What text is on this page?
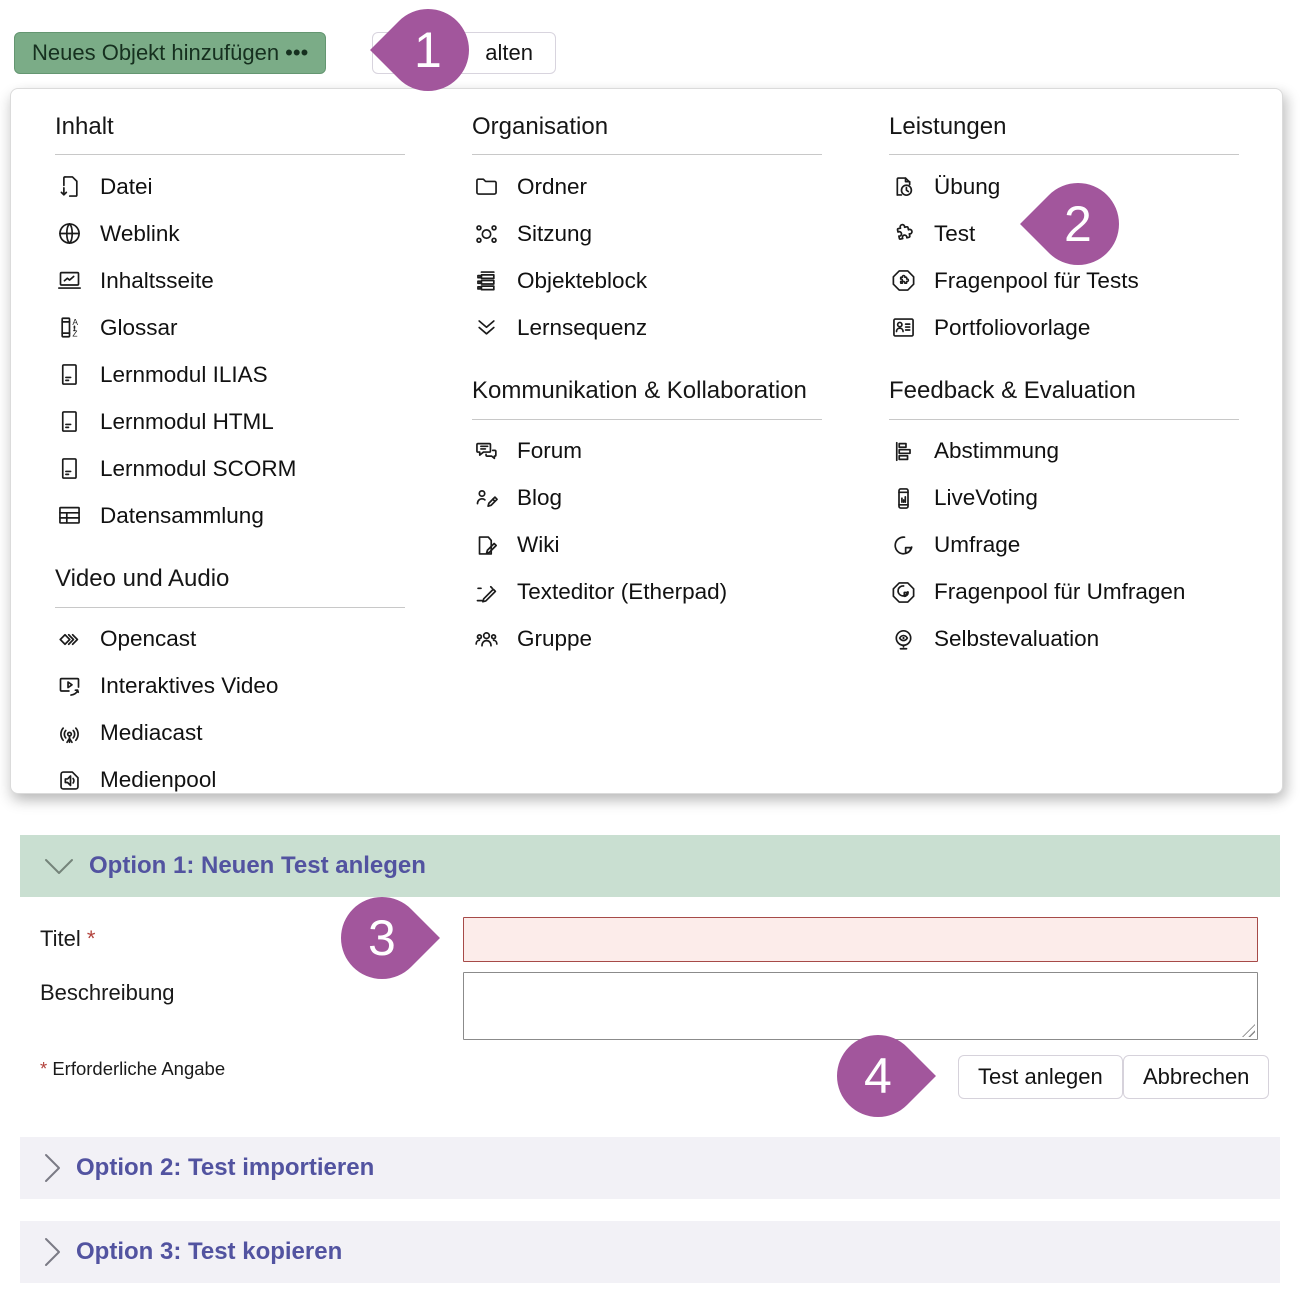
Neues Objekt hinzufügen •••	alten
1
Inhalt
Datei
Weblink
Inhaltsseite
A
Z Glossar
Lernmodul ILIAS
Lernmodul HTML
Lernmodul SCORM
Datensammlung
Video und Audio
Opencast
Interaktives Video
Mediacast
Medienpool
Organisation
Ordner
Sitzung
Objekteblock
Lernsequenz
Kommunikation & Kollaboration
Forum
Blog
Wiki
Texteditor (Etherpad)
Gruppe
Leistungen
Übung
Test
Fragenpool für Tests
Portfoliovorlage
Feedback & Evaluation
Abstimmung
LiveVoting
Umfrage
Fragenpool für Umfragen
Selbstevaluation
2
Option 1: Neuen Test anlegen
Titel *
Beschreibung
* Erforderliche Angabe
3
Test anlegen	Abbrechen
4
Option 2: Test importieren
Option 3: Test kopieren
